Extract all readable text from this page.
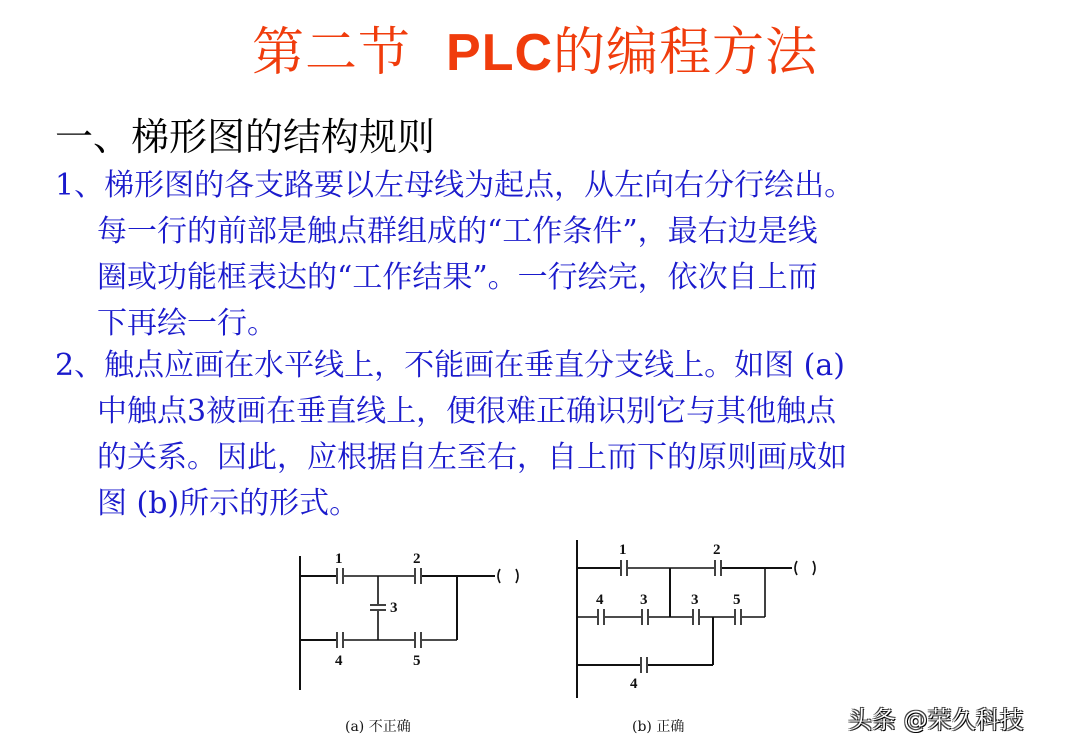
第二节  PLC的编程方法
一、梯形图的结构规则
1、梯形图的各支路要以左母线为起点，从左向右分行绘出。
每一行的前部是触点群组成的“工作条件”，最右边是线
圈或功能框表达的“工作结果”。一行绘完，依次自上而
下再绘一行。
2、触点应画在水平线上，不能画在垂直分支线上。如图 (a)
中触点3被画在垂直线上，便很难正确识别它与其他触点
的关系。因此，应根据自左至右，自上而下的原则画成如
图 (b)所示的形式。
1	2
3
4	5
1	2
4 3	3 5
4
(a) 不正确	(b) 正确	头条 @荣久科技
